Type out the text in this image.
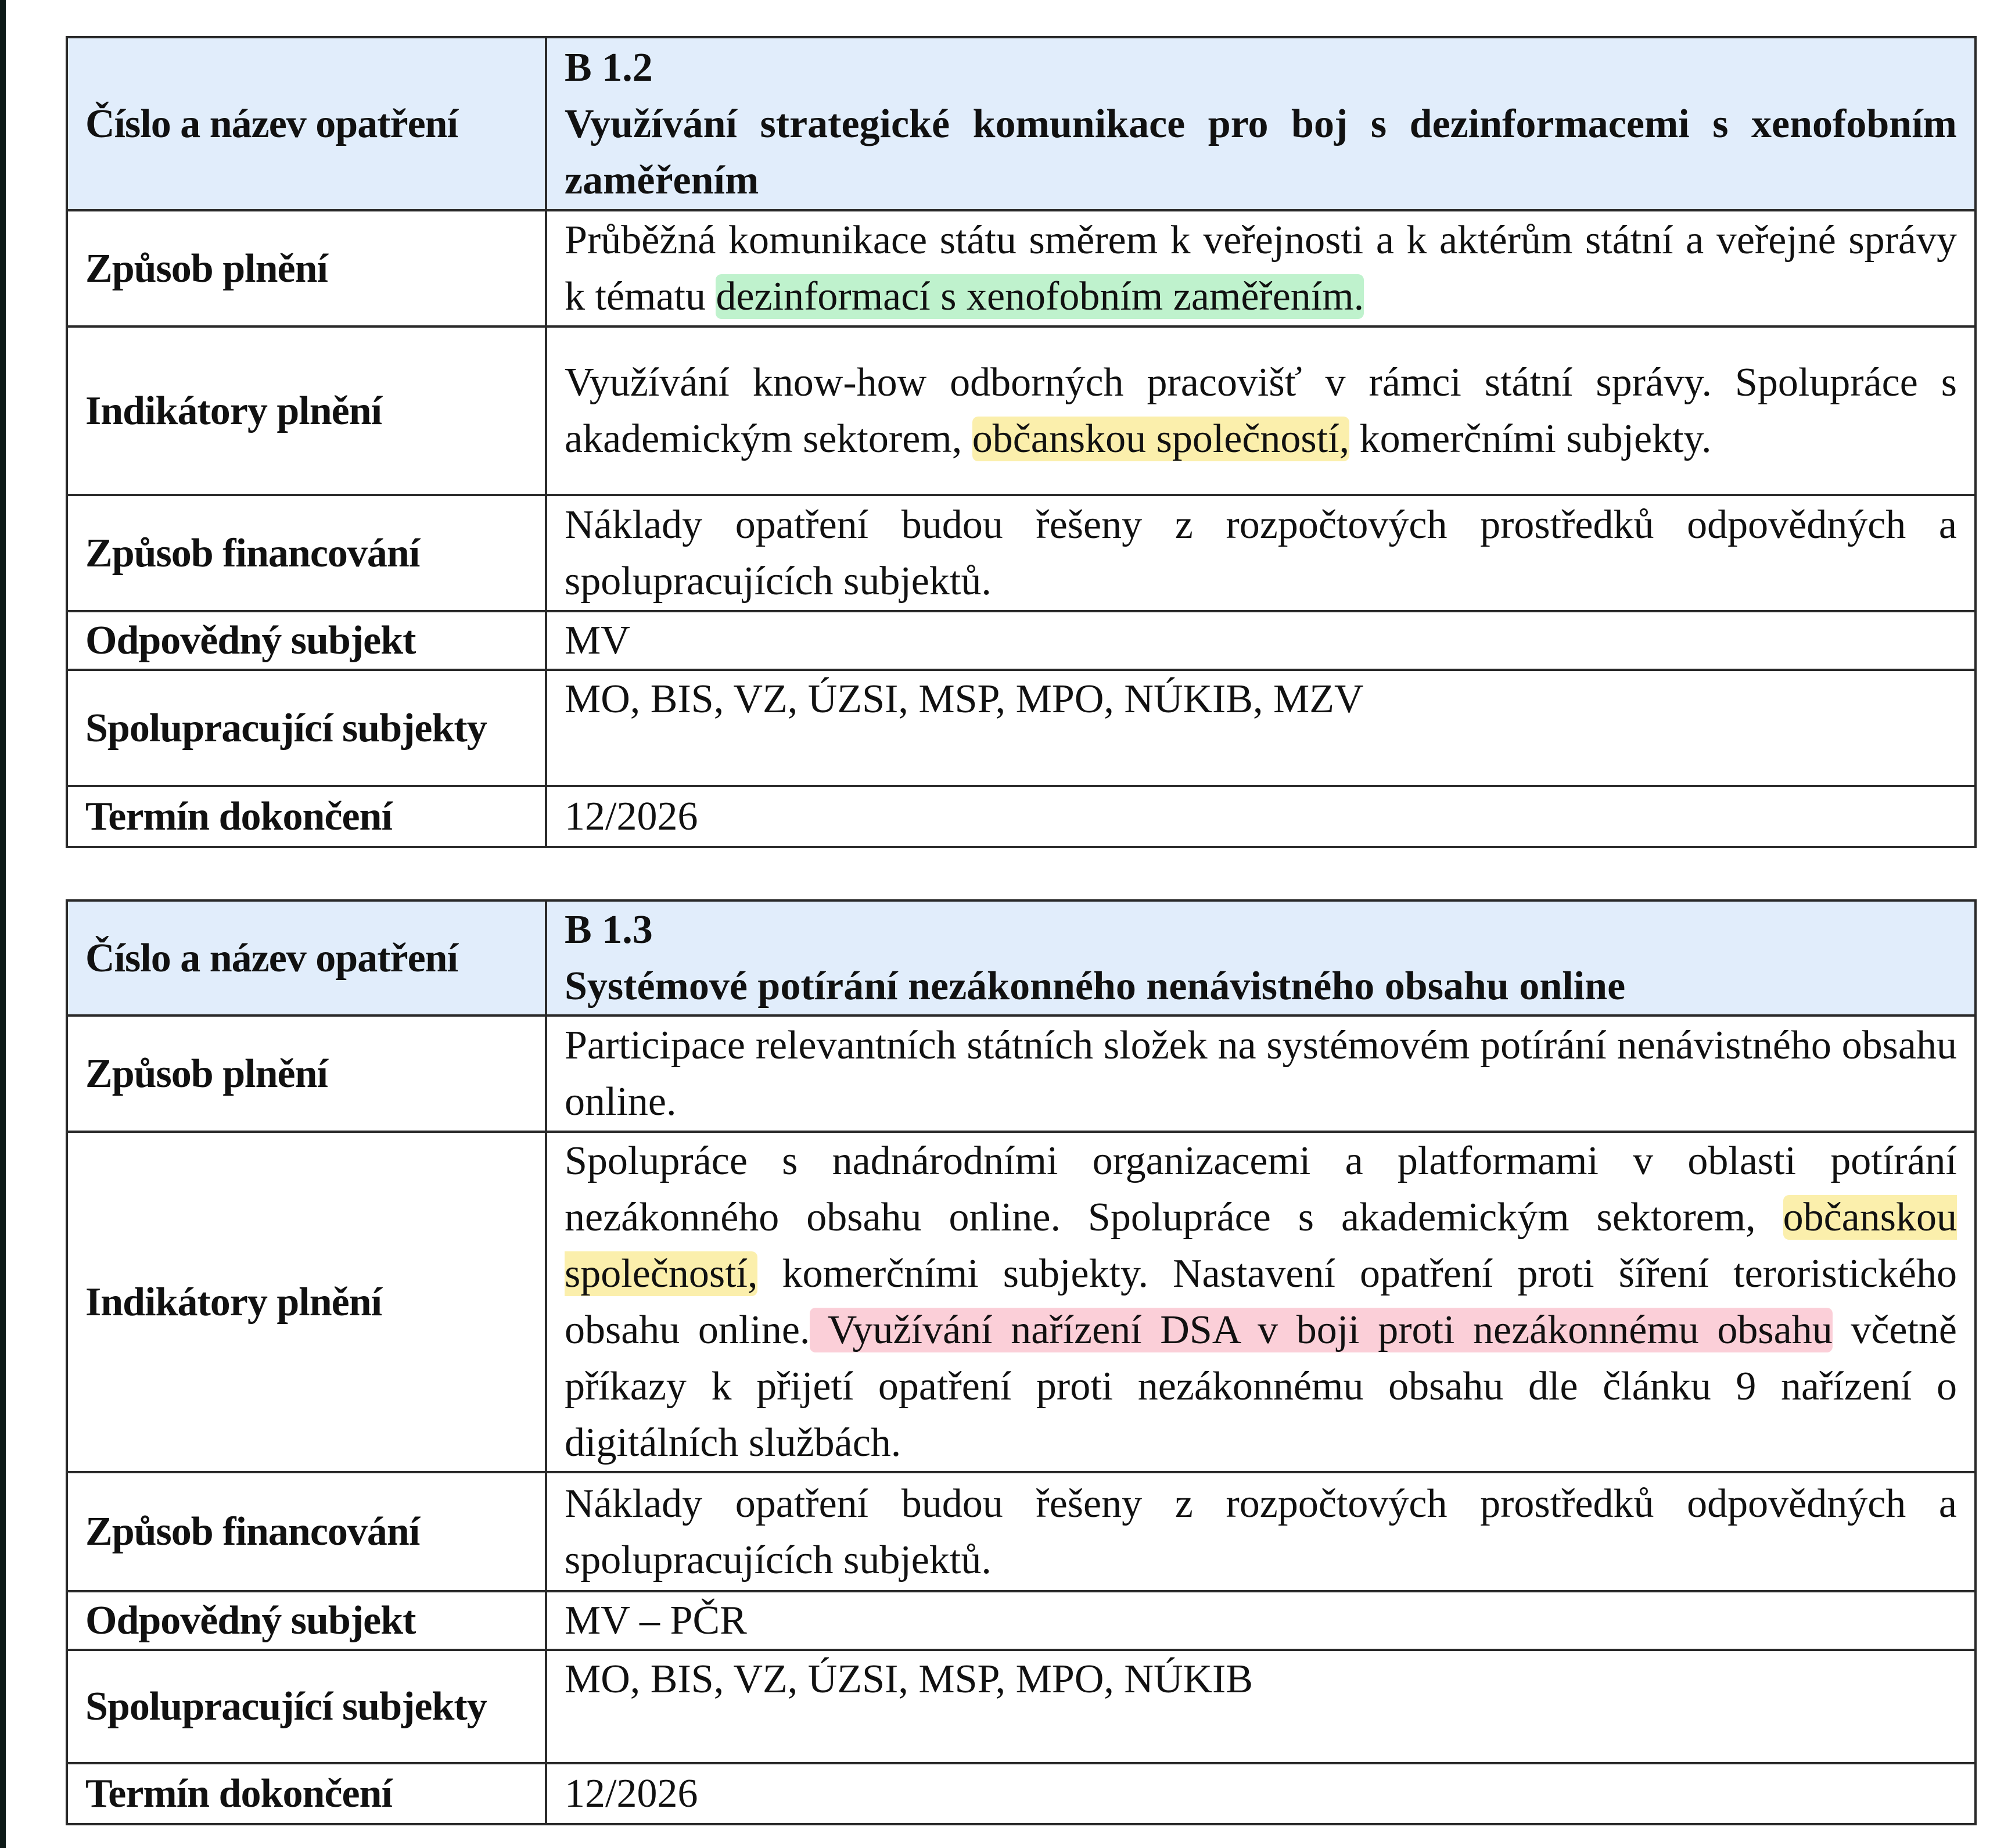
Číslo a název opatření	B 1.2
Využívání strategické komunikace pro boj s dezinformacemi s xenofobním zaměřením

Způsob plnění	Průběžná komunikace státu směrem k veřejnosti a k aktérům státní a veřejné správy k tématu dezinformací s xenofobním zaměřením.
Indikátory plnění	Využívání know-how odborných pracovišť v rámci státní správy. Spolupráce s akademickým sektorem, občanskou společností, komerčními subjekty.
Způsob financování	Náklady opatření budou řešeny z rozpočtových prostředků odpovědných a spolupracujících subjektů.
Odpovědný subjekt	MV
Spolupracující subjekty	MO, BIS, VZ, ÚZSI, MSP, MPO, NÚKIB, MZV
Termín dokončení	12/2026
Číslo a název opatření	B 1.3
Systémové potírání nezákonného nenávistného obsahu online

Způsob plnění	Participace relevantních státních složek na systémovém potírání nenávistného obsahu online.
Indikátory plnění	Spolupráce s nadnárodními organizacemi a platformami v oblasti potírání nezákonného obsahu online. Spolupráce s akademickým sektorem, občanskou společností, komerčními subjekty. Nastavení opatření proti šíření teroristického obsahu online. Využívání nařízení DSA v boji proti nezákonnému obsahu včetně příkazy k přijetí opatření proti nezákonnému obsahu dle článku 9 nařízení o digitálních službách.
Způsob financování	Náklady opatření budou řešeny z rozpočtových prostředků odpovědných a spolupracujících subjektů.
Odpovědný subjekt	MV – PČR
Spolupracující subjekty	MO, BIS, VZ, ÚZSI, MSP, MPO, NÚKIB
Termín dokončení	12/2026
